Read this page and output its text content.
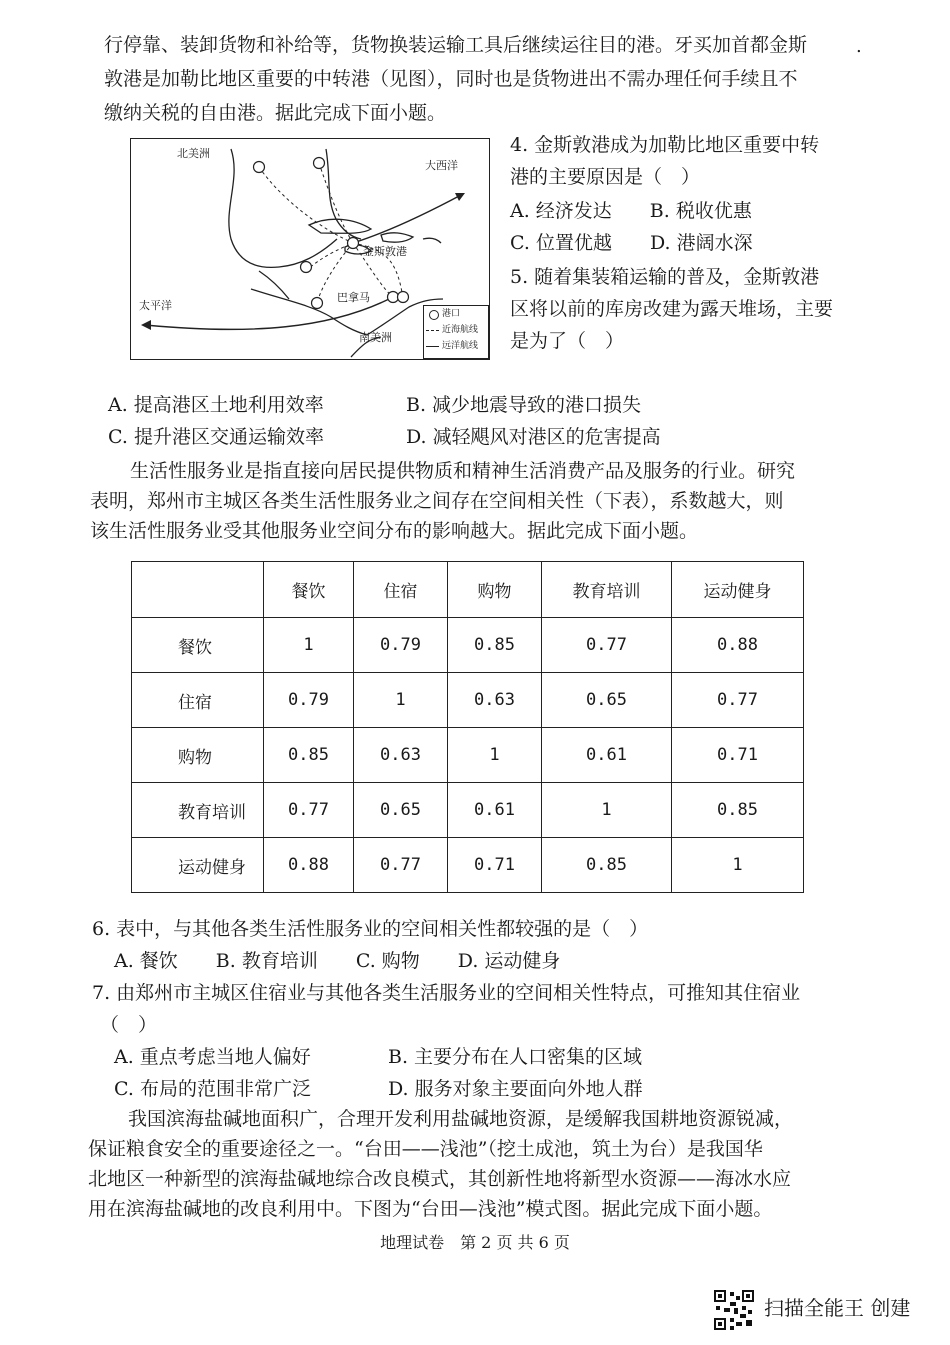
.
行停靠、装卸货物和补给等，货物换装运输工具后继续运往目的港。牙买加首都金斯
敦港是加勒比地区重要的中转港（见图），同时也是货物进出不需办理任何手续且不
缴纳关税的自由港。据此完成下面小题。
北美洲
大西洋
金斯敦港
太平洋
巴拿马
南美洲
港口
近海航线
远洋航线
4. 金斯敦港成为加勒比地区重要中转
港的主要原因是（　）
A. 经济发达　　B. 税收优惠
C. 位置优越　　D. 港阔水深
5. 随着集装箱运输的普及，金斯敦港
区将以前的库房改建为露天堆场，主要
是为了（　）
A. 提高港区土地利用效率	B. 减少地震导致的港口损失
C. 提升港区交通运输效率	D. 减轻飓风对港区的危害提高
生活性服务业是指直接向居民提供物质和精神生活消费产品及服务的行业。研究
表明，郑州市主城区各类生活性服务业之间存在空间相关性（下表），系数越大，则
该生活性服务业受其他服务业空间分布的影响越大。据此完成下面小题。
	餐饮	住宿	购物	教育培训	运动健身
餐饮	1	0.79	0.85	0.77	0.88
住宿	0.79	1	0.63	0.65	0.77
购物	0.85	0.63	1	0.61	0.71
教育培训	0.77	0.65	0.61	1	0.85
运动健身	0.88	0.77	0.71	0.85	1
6. 表中，与其他各类生活性服务业的空间相关性都较强的是（　）
A. 餐饮　　B. 教育培训　　C. 购物　　D. 运动健身
7. 由郑州市主城区住宿业与其他各类生活服务业的空间相关性特点，可推知其住宿业
（　）
A. 重点考虑当地人偏好	B. 主要分布在人口密集的区域
C. 布局的范围非常广泛	D. 服务对象主要面向外地人群
我国滨海盐碱地面积广，合理开发利用盐碱地资源，是缓解我国耕地资源锐减，
保证粮食安全的重要途径之一。“台田——浅池”（挖土成池，筑土为台）是我国华
北地区一种新型的滨海盐碱地综合改良模式，其创新性地将新型水资源——海冰水应
用在滨海盐碱地的改良利用中。下图为“台田—浅池”模式图。据此完成下面小题。
地理试卷　第 2 页 共 6 页
扫描全能王 创建
